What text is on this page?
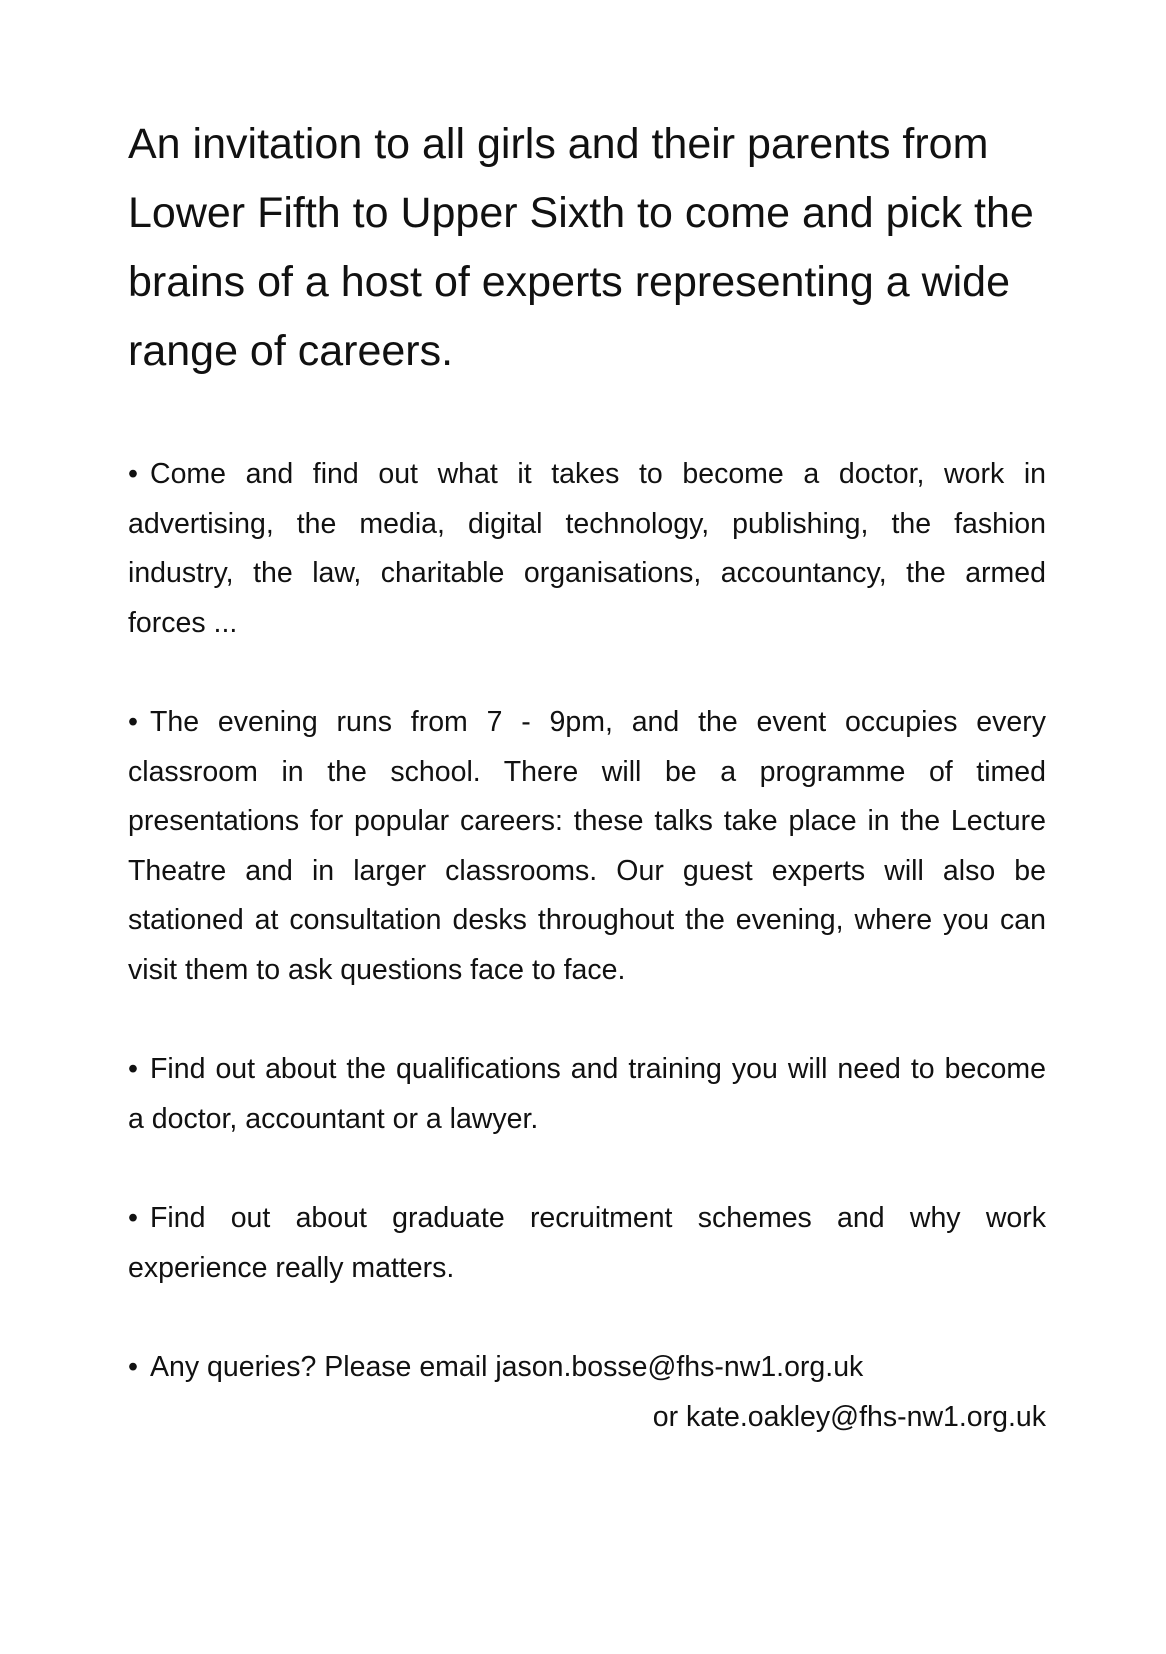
An invitation to all girls and their parents from Lower Fifth to Upper Sixth to come and pick the brains of a host of experts representing a wide range of careers.

• Come and find out what it takes to become a doctor, work in advertising, the media, digital technology, publishing, the fashion industry, the law, charitable organisations, accountancy, the armed forces ...

• The evening runs from 7 - 9pm, and the event occupies every classroom in the school. There will be a programme of timed presentations for popular careers: these talks take place in the Lecture Theatre and in larger classrooms. Our guest experts will also be stationed at consultation desks throughout the evening, where you can visit them to ask questions face to face.

• Find out about the qualifications and training you will need to become a doctor, accountant or a lawyer.

• Find out about graduate recruitment schemes and why work experience really matters.

• Any queries? Please email jason.bosse@fhs-nw1.org.uk
or kate.oakley@fhs-nw1.org.uk
